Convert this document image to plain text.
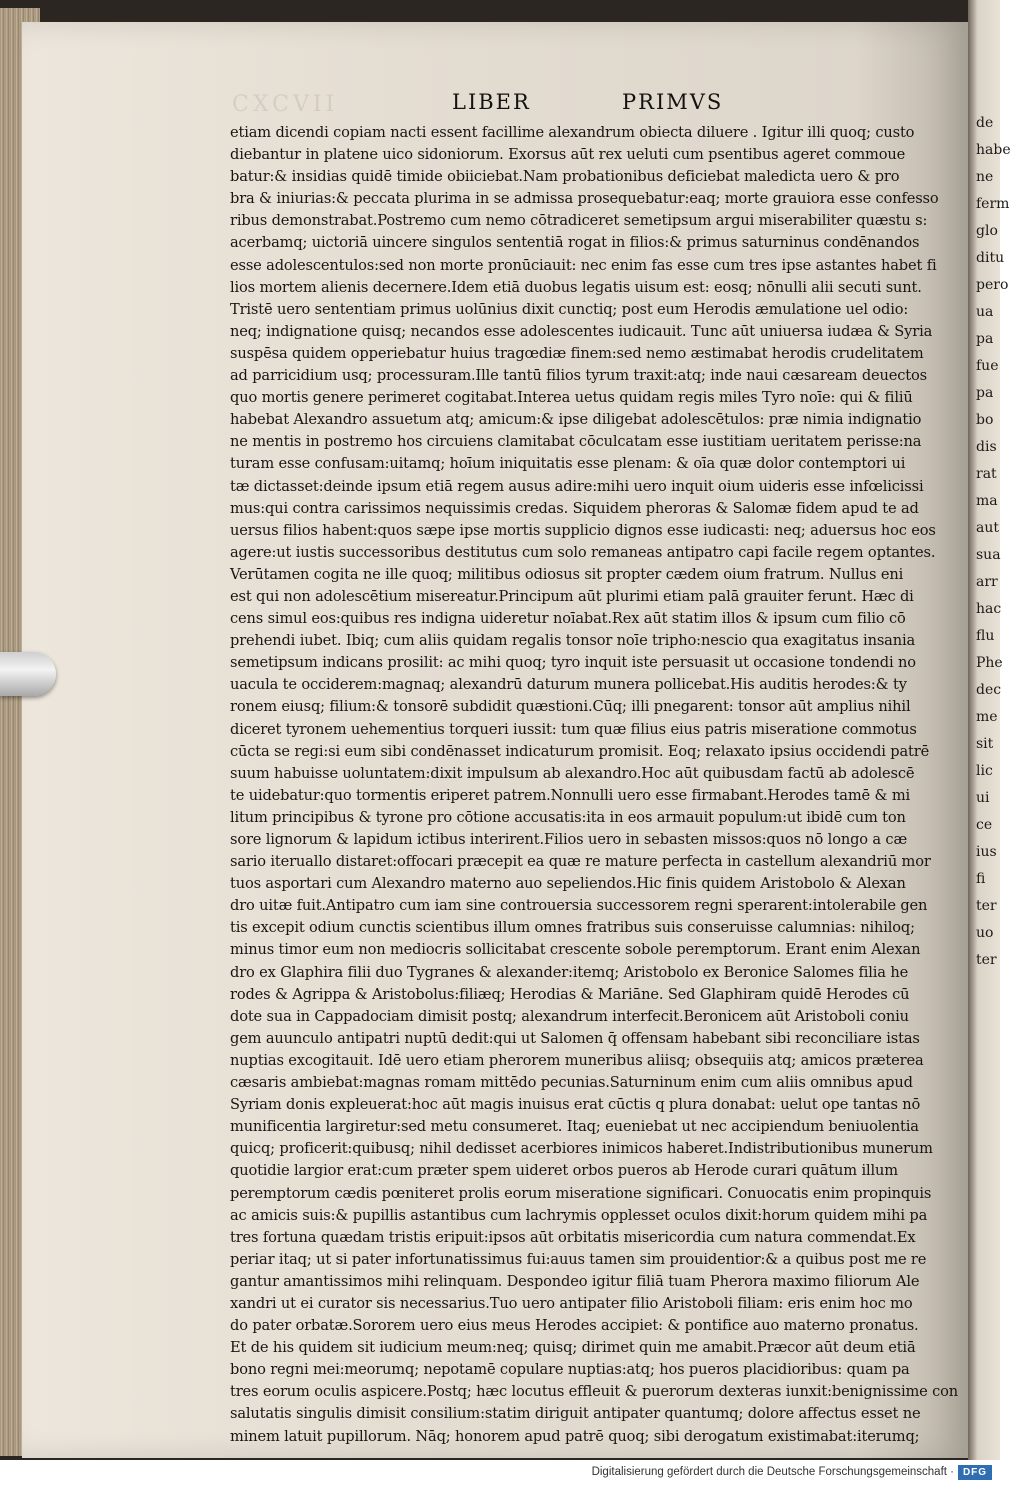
de
habe
ne
ferm
glo
ditu
pero
ua
pa
fue
pa
bo
dis
rat
ma
aut
sua
arr
hac
flu
Phe
dec
me
sit
lic
ui
ce
ius
fi
ter
uo
ter
CXCVII	LIBER	PRIMVS
etiam dicendi copiam nacti essent facillime alexandrum obiecta diluere . Igitur illi quoq; custo
diebantur in platene uico sidoniorum. Exorsus aūt rex ueluti cum psentibus ageret commoue
batur:& insidias quidē timide obiiciebat.Nam probationibus deficiebat maledicta uero & pro
bra & iniurias:& peccata plurima in se admissa prosequebatur:eaq; morte grauiora esse confesso
ribus demonstrabat.Postremo cum nemo cōtradiceret semetipsum argui miserabiliter quæstu s:
acerbamq; uictoriā uincere singulos sententiā rogat in filios:& primus saturninus condēnandos
esse adolescentulos:sed non morte pronūciauit: nec enim fas esse cum tres ipse astantes habet fi
lios mortem alienis decernere.Idem etiā duobus legatis uisum est: eosq; nōnulli alii secuti sunt.
Tristē uero sententiam primus uolūnius dixit cunctiq; post eum Herodis æmulatione uel odio:
neq; indignatione quisq; necandos esse adolescentes iudicauit. Tunc aūt uniuersa iudæa & Syria
suspēsa quidem opperiebatur huius tragœdiæ finem:sed nemo æstimabat herodis crudelitatem
ad parricidium usq; processuram.Ille tantū filios tyrum traxit:atq; inde naui cæsaream deuectos
quo mortis genere perimeret cogitabat.Interea uetus quidam regis miles Tyro noīe: qui & filiū
habebat Alexandro assuetum atq; amicum:& ipse diligebat adolescētulos: præ nimia indignatio
ne mentis in postremo hos circuiens clamitabat cōculcatam esse iustitiam ueritatem perisse:na
turam esse confusam:uitamq; hoīum iniquitatis esse plenam: & oīa quæ dolor contemptori ui
tæ dictasset:deinde ipsum etiā regem ausus adire:mihi uero inquit oium uideris esse infœlicissi
mus:qui contra carissimos nequissimis credas. Siquidem pheroras & Salomæ fidem apud te ad
uersus filios habent:quos sæpe ipse mortis supplicio dignos esse iudicasti: neq; aduersus hoc eos
agere:ut iustis successoribus destitutus cum solo remaneas antipatro capi facile regem optantes.
Verūtamen cogita ne ille quoq; militibus odiosus sit propter cædem oium fratrum. Nullus eni
est qui non adolescētium misereatur.Principum aūt plurimi etiam palā grauiter ferunt. Hæc di
cens simul eos:quibus res indigna uideretur noīabat.Rex aūt statim illos & ipsum cum filio cō
prehendi iubet. Ibiq; cum aliis quidam regalis tonsor noīe tripho:nescio qua exagitatus insania
semetipsum indicans prosilit: ac mihi quoq; tyro inquit iste persuasit ut occasione tondendi no
uacula te occiderem:magnaq; alexandrū daturum munera pollicebat.His auditis herodes:& ty
ronem eiusq; filium:& tonsorē subdidit quæstioni.Cūq; illi pnegarent: tonsor aūt amplius nihil
diceret tyronem uehementius torqueri iussit: tum quæ filius eius patris miseratione commotus
cūcta se regi:si eum sibi condēnasset indicaturum promisit. Eoq; relaxato ipsius occidendi patrē
suum habuisse uoluntatem:dixit impulsum ab alexandro.Hoc aūt quibusdam factū ab adolescē
te uidebatur:quo tormentis eriperet patrem.Nonnulli uero esse firmabant.Herodes tamē & mi
litum principibus & tyrone pro cōtione accusatis:ita in eos armauit populum:ut ibidē cum ton
sore lignorum & lapidum ictibus interirent.Filios uero in sebasten missos:quos nō longo a cæ
sario iteruallo distaret:offocari præcepit ea quæ re mature perfecta in castellum alexandriū mor
tuos asportari cum Alexandro materno auo sepeliendos.Hic finis quidem Aristobolo & Alexan
dro uitæ fuit.Antipatro cum iam sine controuersia successorem regni sperarent:intolerabile gen
tis excepit odium cunctis scientibus illum omnes fratribus suis conseruisse calumnias: nihiloq;
minus timor eum non mediocris sollicitabat crescente sobole peremptorum. Erant enim Alexan
dro ex Glaphira filii duo Tygranes & alexander:itemq; Aristobolo ex Beronice Salomes filia he
rodes & Agrippa & Aristobolus:filiæq; Herodias & Mariāne. Sed Glaphiram quidē Herodes cū
dote sua in Cappadociam dimisit postq; alexandrum interfecit.Beronicem aūt Aristoboli coniu
gem auunculo antipatri nuptū dedit:qui ut Salomen q̄ offensam habebant sibi reconciliare istas
nuptias excogitauit. Idē uero etiam pherorem muneribus aliisq; obsequiis atq; amicos præterea
cæsaris ambiebat:magnas romam mittēdo pecunias.Saturninum enim cum aliis omnibus apud
Syriam donis expleuerat:hoc aūt magis inuisus erat cūctis q plura donabat: uelut ope tantas nō
munificentia largiretur:sed metu consumeret. Itaq; eueniebat ut nec accipiendum beniuolentia
quicq; proficerit:quibusq; nihil dedisset acerbiores inimicos haberet.Indistributionibus munerum
quotidie largior erat:cum præter spem uideret orbos pueros ab Herode curari quātum illum
peremptorum cædis pœniteret prolis eorum miseratione significari. Conuocatis enim propinquis
ac amicis suis:& pupillis astantibus cum lachrymis opplesset oculos dixit:horum quidem mihi pa
tres fortuna quædam tristis eripuit:ipsos aūt orbitatis misericordia cum natura commendat.Ex
periar itaq; ut si pater infortunatissimus fui:auus tamen sim prouidentior:& a quibus post me re
gantur amantissimos mihi relinquam. Despondeo igitur filiā tuam Pherora maximo filiorum Ale
xandri ut ei curator sis necessarius.Tuo uero antipater filio Aristoboli filiam: eris enim hoc mo
do pater orbatæ.Sororem uero eius meus Herodes accipiet: & pontifice auo materno pronatus.
Et de his quidem sit iudicium meum:neq; quisq; dirimet quin me amabit.Præcor aūt deum etiā
bono regni mei:meorumq; nepotamē copulare nuptias:atq; hos pueros placidioribus: quam pa
tres eorum oculis aspicere.Postq; hæc locutus effleuit & puerorum dexteras iunxit:benignissime con
salutatis singulis dimisit consilium:statim diriguit antipater quantumq; dolore affectus esset ne
minem latuit pupillorum. Nāq; honorem apud patrē quoq; sibi derogatum existimabat:iterumq;
Digitalisierung gefördert durch die Deutsche Forschungsgemeinschaft · DFG
